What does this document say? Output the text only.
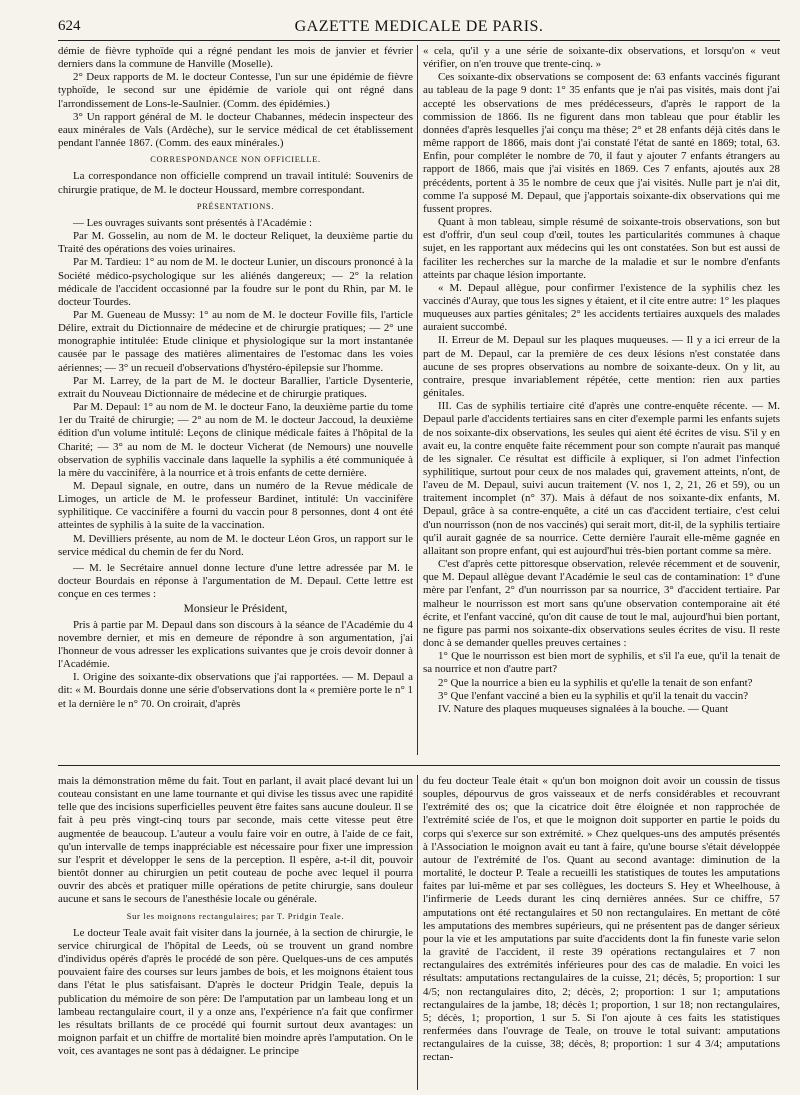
624	GAZETTE MEDICALE DE PARIS.

démie de fièvre typhoïde qui a régné pendant les mois de janvier et février derniers dans la commune de Hanville (Moselle).

2° Deux rapports de M. le docteur Contesse, l'un sur une épidémie de fièvre typhoïde, le second sur une épidémie de variole qui ont régné dans l'arrondissement de Lons-le-Saulnier. (Comm. des épidémies.)

3° Un rapport général de M. le docteur Chabannes, médecin inspecteur des eaux minérales de Vals (Ardèche), sur le service médical de cet établissement pendant l'année 1867. (Comm. des eaux minérales.)

CORRESPONDANCE NON OFFICIELLE.

La correspondance non officielle comprend un travail intitulé: Souvenirs de chirurgie pratique, de M. le docteur Houssard, membre correspondant.

PRÉSENTATIONS.

— Les ouvrages suivants sont présentés à l'Académie :

Par M. Gosselin, au nom de M. le docteur Reliquet, la deuxième partie du Traité des opérations des voies urinaires.

Par M. Tardieu: 1° au nom de M. le docteur Lunier, un discours prononcé à la Société médico-psychologique sur les aliénés dangereux; — 2° la relation médicale de l'accident occasionné par la foudre sur le pont du Rhin, par M. le docteur Tourdes.

Par M. Gueneau de Mussy: 1° au nom de M. le docteur Foville fils, l'article Délire, extrait du Dictionnaire de médecine et de chirurgie pratiques; — 2° une monographie intitulée: Etude clinique et physiologique sur la mort instantanée causée par le passage des matières alimentaires de l'estomac dans les voies aériennes; — 3° un recueil d'observations d'hystéro-épilepsie sur l'homme.

Par M. Larrey, de la part de M. le docteur Barallier, l'article Dysenterie, extrait du Nouveau Dictionnaire de médecine et de chirurgie pratiques.

Par M. Depaul: 1° au nom de M. le docteur Fano, la deuxième partie du tome 1er du Traité de chirurgie; — 2° au nom de M. le docteur Jaccoud, la deuxième édition d'un volume intitulé: Leçons de clinique médicale faites à l'hôpital de la Charité; — 3° au nom de M. le docteur Vicherat (de Nemours) une nouvelle observation de syphilis vaccinale dans laquelle la syphilis a été communiquée à la mère du vaccinifère, à la nourrice et à trois enfants de cette dernière.

M. Depaul signale, en outre, dans un numéro de la Revue médicale de Limoges, un article de M. le professeur Bardinet, intitulé: Un vaccinifère syphilitique. Ce vaccinifère a fourni du vaccin pour 8 personnes, dont 4 ont été atteintes de syphilis à la suite de la vaccination.

M. Devilliers présente, au nom de M. le docteur Léon Gros, un rapport sur le service médical du chemin de fer du Nord.

— M. le Secrétaire annuel donne lecture d'une lettre adressée par M. le docteur Bourdais en réponse à l'argumentation de M. Depaul. Cette lettre est conçue en ces termes :

Monsieur le Président,

Pris à partie par M. Depaul dans son discours à la séance de l'Académie du 4 novembre dernier, et mis en demeure de répondre à son argumentation, j'ai l'honneur de vous adresser les explications suivantes que je crois devoir donner à l'Académie.

I. Origine des soixante-dix observations que j'ai rapportées. — M. Depaul a dit: « M. Bourdais donne une série d'observations dont la « première porte le n° 1 et la dernière le n° 70. On croirait, d'après

« cela, qu'il y a une série de soixante-dix observations, et lorsqu'on « veut vérifier, on n'en trouve que trente-cinq. »

Ces soixante-dix observations se composent de: 63 enfants vaccinés figurant au tableau de la page 9 dont: 1° 35 enfants que je n'ai pas visités, mais dont j'ai accepté les observations de mes prédécesseurs, d'après le rapport de la commission de 1866. Ils ne figurent dans mon tableau que pour établir les données d'après lesquelles j'ai conçu ma thèse; 2° et 28 enfants déjà cités dans le même rapport de 1866, mais dont j'ai constaté l'état de santé en 1869; total, 63. Enfin, pour compléter le nombre de 70, il faut y ajouter 7 enfants étrangers au rapport de 1866, mais que j'ai visités en 1869. Ces 7 enfants, ajoutés aux 28 précédents, portent à 35 le nombre de ceux que j'ai visités. Nulle part je n'ai dit, comme l'a supposé M. Depaul, que j'apportais soixante-dix observations qui me fussent propres.

Quant à mon tableau, simple résumé de soixante-trois observations, son but est d'offrir, d'un seul coup d'œil, toutes les particularités communes à chaque sujet, en les rapportant aux médecins qui les ont constatées. Son but est aussi de faciliter les recherches sur la marche de la maladie et sur le nombre d'enfants atteints par chaque lésion importante.

« M. Depaul allègue, pour confirmer l'existence de la syphilis chez les vaccinés d'Auray, que tous les signes y étaient, et il cite entre autre: 1° les plaques muqueuses aux parties génitales; 2° les accidents tertiaires auxquels des malades auraient succombé.

II. Erreur de M. Depaul sur les plaques muqueuses. — Il y a ici erreur de la part de M. Depaul, car la première de ces deux lésions n'est constatée dans aucune de ses propres observations au nombre de soixante-deux. On y lit, au contraire, presque invariablement répétée, cette mention: rien aux parties génitales.

III. Cas de syphilis tertiaire cité d'après une contre-enquête récente. — M. Depaul parle d'accidents tertiaires sans en citer d'exemple parmi les enfants sujets de nos soixante-dix observations, les seules qui aient été écrites de visu. S'il y en avait eu, la contre enquête faite récemment pour son compte n'aurait pas manqué de les signaler. Ce résultat est difficile à expliquer, si l'on admet l'infection syphilitique, surtout pour ceux de nos malades qui, gravement atteints, n'ont, de l'aveu de M. Depaul, suivi aucun traitement (V. nos 1, 2, 21, 26 et 59), ou un traitement incomplet (n° 37). Mais à défaut de nos soixante-dix enfants, M. Depaul, grâce à sa contre-enquête, a cité un cas d'accident tertiaire, c'est celui d'un nourrisson (non de nos vaccinés) qui serait mort, dit-il, de la syphilis tertiaire qu'il aurait gagnée de sa nourrice. Cette dernière l'aurait elle-même gagnée en allaitant son propre enfant, qui est aujourd'hui très-bien portant comme sa mère.

C'est d'après cette pittoresque observation, relevée récemment et de souvenir, que M. Depaul allègue devant l'Académie le seul cas de contamination: 1° d'une mère par l'enfant, 2° d'un nourrisson par sa nourrice, 3° d'accident tertiaire. Par malheur le nourrisson est mort sans qu'une observation contemporaine ait été écrite, et l'enfant vacciné, qu'on dit cause de tout le mal, aujourd'hui bien portant, ne figure pas parmi nos soixante-dix observations seules écrites de visu. Il reste donc à se demander quelles preuves certaines :

1° Que le nourrisson est bien mort de syphilis, et s'il l'a eue, qu'il la tenait de sa nourrice et non d'autre part?

2° Que la nourrice a bien eu la syphilis et qu'elle la tenait de son enfant?

3° Que l'enfant vacciné a bien eu la syphilis et qu'il la tenait du vaccin?

IV. Nature des plaques muqueuses signalées à la bouche. — Quant

mais la démonstration même du fait. Tout en parlant, il avait placé devant lui un couteau consistant en une lame tournante et qui divise les tissus avec une rapidité telle que des incisions superficielles peuvent être faites sans aucune douleur. Il se fait à peu près vingt-cinq tours par seconde, mais cette vitesse peut être augmentée de beaucoup. L'auteur a voulu faire voir en outre, à l'aide de ce fait, qu'un intervalle de temps inappréciable est nécessaire pour fixer une impression sur l'esprit et développer le sens de la perception. Il espère, a-t-il dit, pouvoir bientôt donner au chirurgien un petit couteau de poche avec lequel il pourra ouvrir des abcès et pratiquer mille opérations de petite chirurgie, sans douleur aucune et sans le secours de l'anesthésie locale ou générale.

Sur les moignons rectangulaires; par T. Pridgin Teale.

Le docteur Teale avait fait visiter dans la journée, à la section de chirurgie, le service chirurgical de l'hôpital de Leeds, où se trouvent un grand nombre d'individus opérés d'après le procédé de son père. Quelques-uns de ces amputés pouvaient faire des courses sur leurs jambes de bois, et les moignons étaient tous dans l'état le plus satisfaisant. D'après le docteur Pridgin Teale, depuis la publication du mémoire de son père: De l'amputation par un lambeau long et un lambeau rectangulaire court, il y a onze ans, l'expérience n'a fait que confirmer les résultats brillants de ce procédé qui fournit surtout deux avantages: un moignon parfait et un chiffre de mortalité bien moindre après l'amputation. On le voit, ces avantages ne sont pas à dédaigner. Le principe

du feu docteur Teale était « qu'un bon moignon doit avoir un coussin de tissus souples, dépourvus de gros vaisseaux et de nerfs considérables et recouvrant l'extrémité des os; que la cicatrice doit être éloignée et non rapprochée de l'extrémité sciée de l'os, et que le moignon doit supporter en partie le poids du corps qui s'exerce sur son extrémité. » Chez quelques-uns des amputés présentés à l'Association le moignon avait eu tant à faire, qu'une bourse s'était développée autour de l'extrémité de l'os. Quant au second avantage: diminution de la mortalité, le docteur P. Teale a recueilli les statistiques de toutes les amputations faites par lui-même et par ses collègues, les docteurs S. Hey et Wheelhouse, à l'infirmerie de Leeds durant les cinq dernières années. Sur ce chiffre, 57 amputations ont été rectangulaires et 50 non rectangulaires. En mettant de côté les amputations des membres supérieurs, qui ne présentent pas de danger sérieux pour la vie et les amputations par suite d'accidents dont la fin funeste varie selon la gravité de l'accident, il reste 39 opérations rectangulaires et 7 non rectangulaires des extrémités inférieures pour des cas de maladie. En voici les résultats: amputations rectangulaires de la cuisse, 21; décès, 5; proportion: 1 sur 4/5; non rectangulaires dito, 2; décès, 2; proportion: 1 sur 1; amputations rectangulaires de la jambe, 18; décès 1; proportion, 1 sur 18; non rectangulaires, 5; décès, 1; proportion, 1 sur 5. Si l'on ajoute à ces faits les statistiques renfermées dans l'ouvrage de Teale, on trouve le total suivant: amputations rectangulaires de la cuisse, 38; décès, 8; proportion: 1 sur 4 3/4; amputations rectan-
